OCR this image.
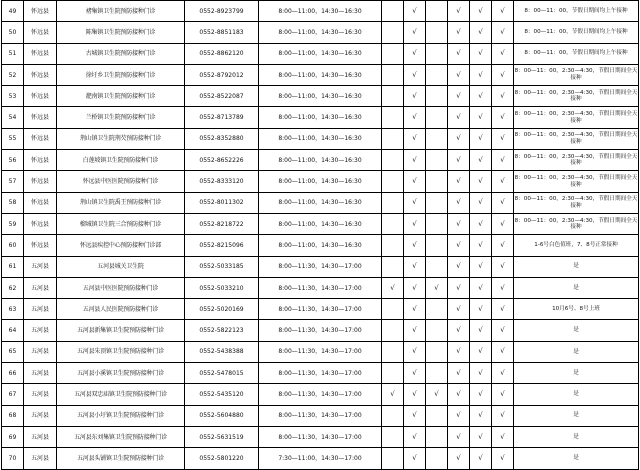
49	怀远县	褚集镇卫生院预防接种门诊	0552-8923799	8:00—11:00，14:30—16:30		√		√	√	√	8：00—11：00，节假日期间均上午接种
50	怀远县	陈集镇卫生院预防接种门诊	0552-8851183	8:00—11:00，14:30—16:30		√		√	√	√	8：00—11：00，节假日期间均上午接种
51	怀远县	古城镇卫生院预防接种门诊	0552-8862120	8:00—11:00，14:30—16:30		√		√	√	√	8：00—11：00，节假日期间均上午接种
52	怀远县	徐圩乡卫生院预防接种门诊	0552-8792012	8:00—11:00，14:30—16:30		√		√	√	√	8：00—11：00，2:30—4:30，节假日期间全天接种
53	怀远县	淝南镇卫生院预防接种门诊	0552-8522087	8:00—11:00，14:30—16:30		√		√	√	√	8：00—11：00，2:30—4:30，节假日期间全天接种
54	怀远县	兰桥镇卫生院预防接种门诊	0552-8713789	8:00—11:00，14:30—16:30		√		√	√	√	8：00—11：00，2:30—4:30，节假日期间全天接种
55	怀远县	荆山镇卫生院荆芡预防接种门诊	0552-8352880	8:00—11:00，14:30—16:30		√		√	√	√	8：00—11：00，2:30—4:30，节假日期间全天接种
56	怀远县	白莲坡镇卫生院预防接种门诊	0552-8652226	8:00—11:00，14:30—16:30		√		√	√	√	8：00—11：00，2:30—4:30，节假日期间全天接种
57	怀远县	怀远县中医医院预防接种门诊	0552-8333120	8:00—11:00，14:30—16:30		√		√	√	√	8：00—11：00，2:30—4:30，节假日期间全天接种
58	怀远县	荆山镇卫生院禹王预防接种门诊	0552-8011302	8:00—11:00，14:30—16:30		√		√	√	√	8：00—11：00，2:30—4:30，节假日期间全天接种
59	怀远县	榴城镇卫生院三合预防接种门诊	0552-8218722	8:00—11:00，14:30—16:30		√		√	√	√	8：00—11：00，2:30—4:30，节假日期间全天接种
60	怀远县	怀远县疾控中心预防接种门诊部	0552-8215096	8:00—11:00，14:30—16:30		√		√	√	√	1-6号白色值班，7、8号正常接种
61	五河县	五河县城关卫生院	0552-5033185	8:00—11:30，14:30—17:00		√		√	√	√	是
62	五河县	五河县中医医院预防接种门诊	0552-5033210	8:00—11:30，14:30—17:00	√	√	√	√	√	√	是
63	五河县	五河县人民医院预防接种门诊	0552-5020169	8:00—11:30，14:30—17:00		√		√	√	√	10月6号、8号上班
64	五河县	五河县新集镇卫生院预防接种门诊	0552-5822123	8:00—11:30，14:30—17:00		√		√	√	√	是
65	五河县	五河县朱顶镇卫生院预防接种门诊	0552-5438388	8:00—11:30，14:30—17:00		√		√	√	√	是
66	五河县	五河县小溪镇卫生院预防接种门诊	0552-5478015	8:00—11:30，14:30—17:00		√		√	√	√	是
67	五河县	五河县双忠庙镇卫生院预防接种门诊	0552-5435120	8:00—11:30，14:30—17:00	√	√	√	√	√	√	是
68	五河县	五河县小圩镇卫生院预防接种门诊	0552-5604880	8:00—11:30，14:30—17:00		√		√	√	√	是
69	五河县	五河县东刘集镇卫生院预防接种门诊	0552-5631519	8:00—11:30，14:30—17:00		√		√	√	√	是
70	五河县	五河县头铺镇卫生院预防接种门诊	0552-5801220	7:30—11:00，14:30—17:00		√		√	√	√	是
